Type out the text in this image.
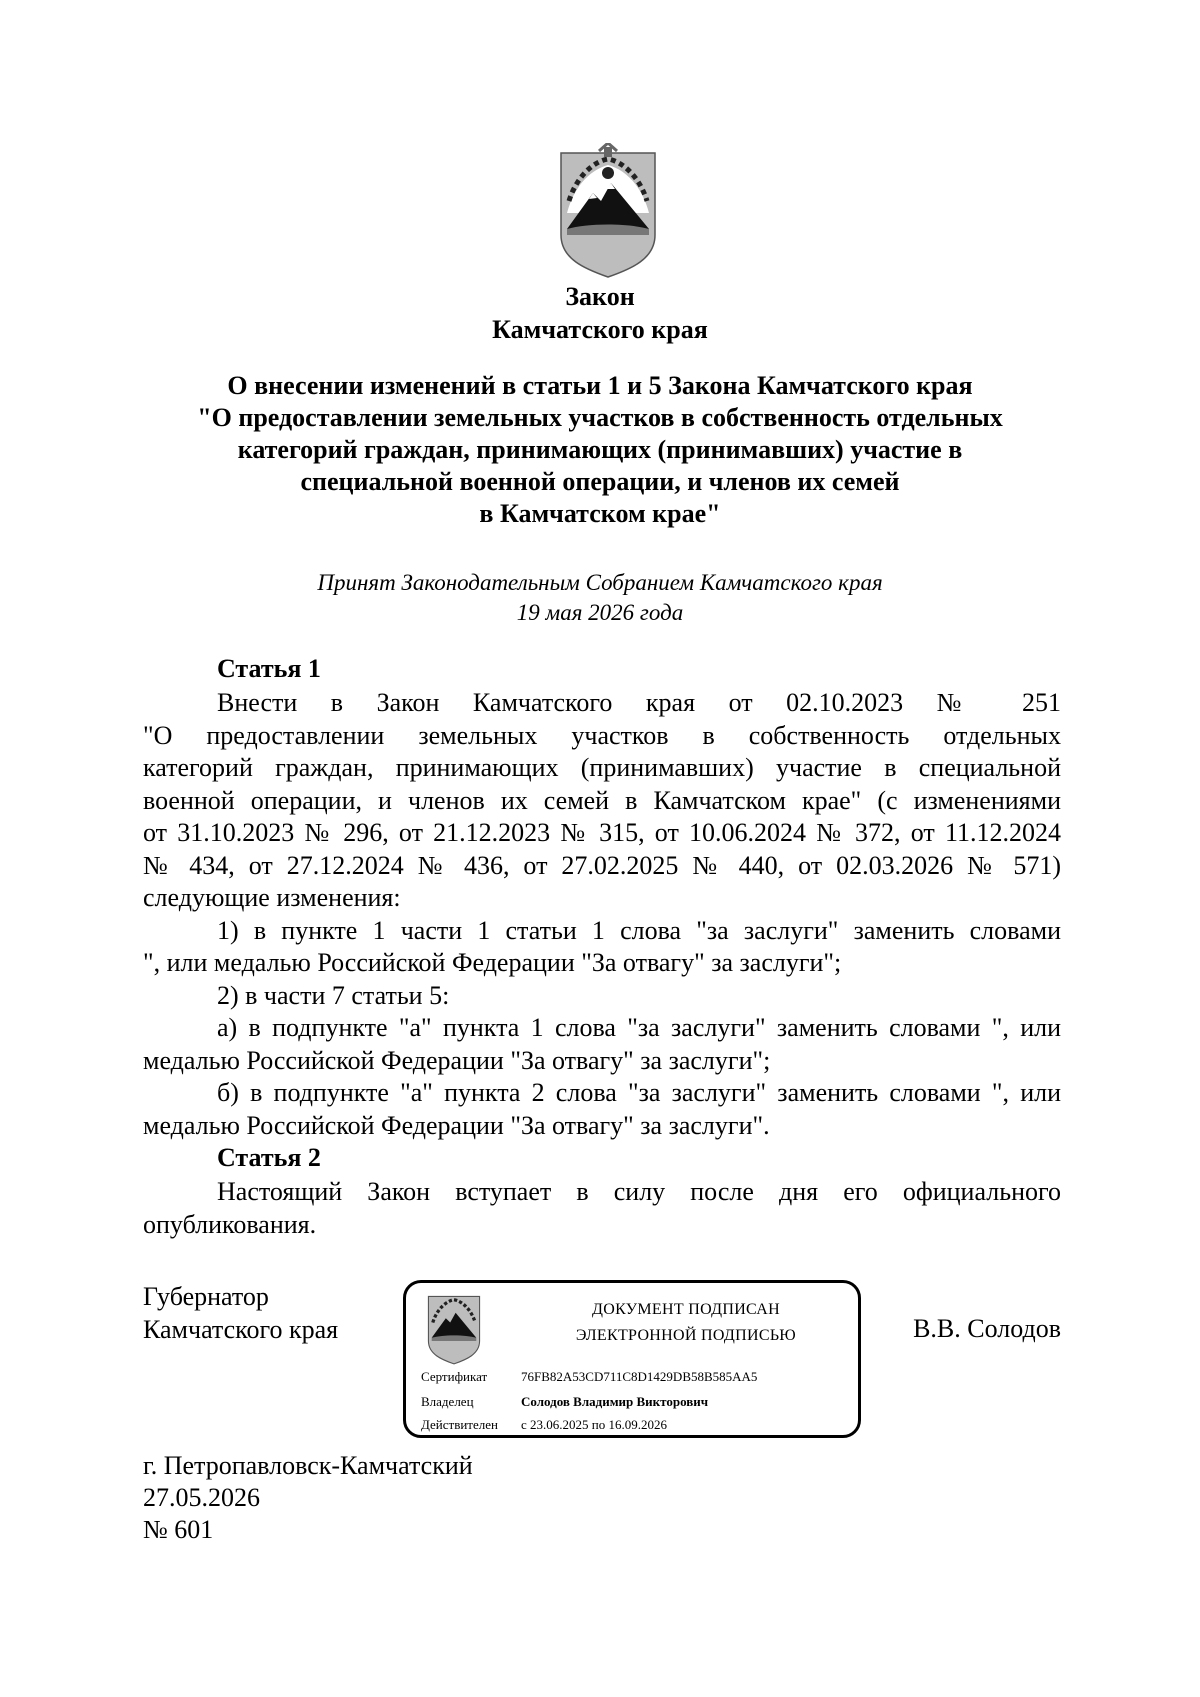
Закон
Камчатского края
О внесении изменений в статьи 1 и 5 Закона Камчатского края
"О предоставлении земельных участков в собственность отдельных
категорий граждан, принимающих (принимавших) участие в
специальной военной операции, и членов их семей
в Камчатском крае"
Принят Законодательным Собранием Камчатского края
19 мая 2026 года
Статья 1
Внести в Закон Камчатского края от 02.10.2023 № 251
"О предоставлении земельных участков в собственность отдельных
категорий граждан, принимающих (принимавших) участие в специальной
военной операции, и членов их семей в Камчатском крае" (с изменениями
от 31.10.2023 № 296, от 21.12.2023 № 315, от 10.06.2024 № 372, от 11.12.2024
№ 434, от 27.12.2024 № 436, от 27.02.2025 № 440, от 02.03.2026 № 571)
следующие изменения:
1) в пункте 1 части 1 статьи 1 слова "за заслуги" заменить словами
", или медалью Российской Федерации "За отвагу" за заслуги";
2) в части 7 статьи 5:
а) в подпункте "а" пункта 1 слова "за заслуги" заменить словами ", или
медалью Российской Федерации "За отвагу" за заслуги";
б) в подпункте "а" пункта 2 слова "за заслуги" заменить словами ", или
медалью Российской Федерации "За отвагу" за заслуги".
Статья 2
Настоящий Закон вступает в силу после дня его официального
опубликования.
Губернатор
Камчатского края
ДОКУМЕНТ ПОДПИСАН
ЭЛЕКТРОННОЙ ПОДПИСЬЮ
Сертификат	76FB82A53CD711C8D1429DB58B585AA5
Владелец	Солодов Владимир Викторович
Действителен с 23.06.2025 по 16.09.2026
В.В. Солодов
г. Петропавловск-Камчатский
27.05.2026
№ 601
